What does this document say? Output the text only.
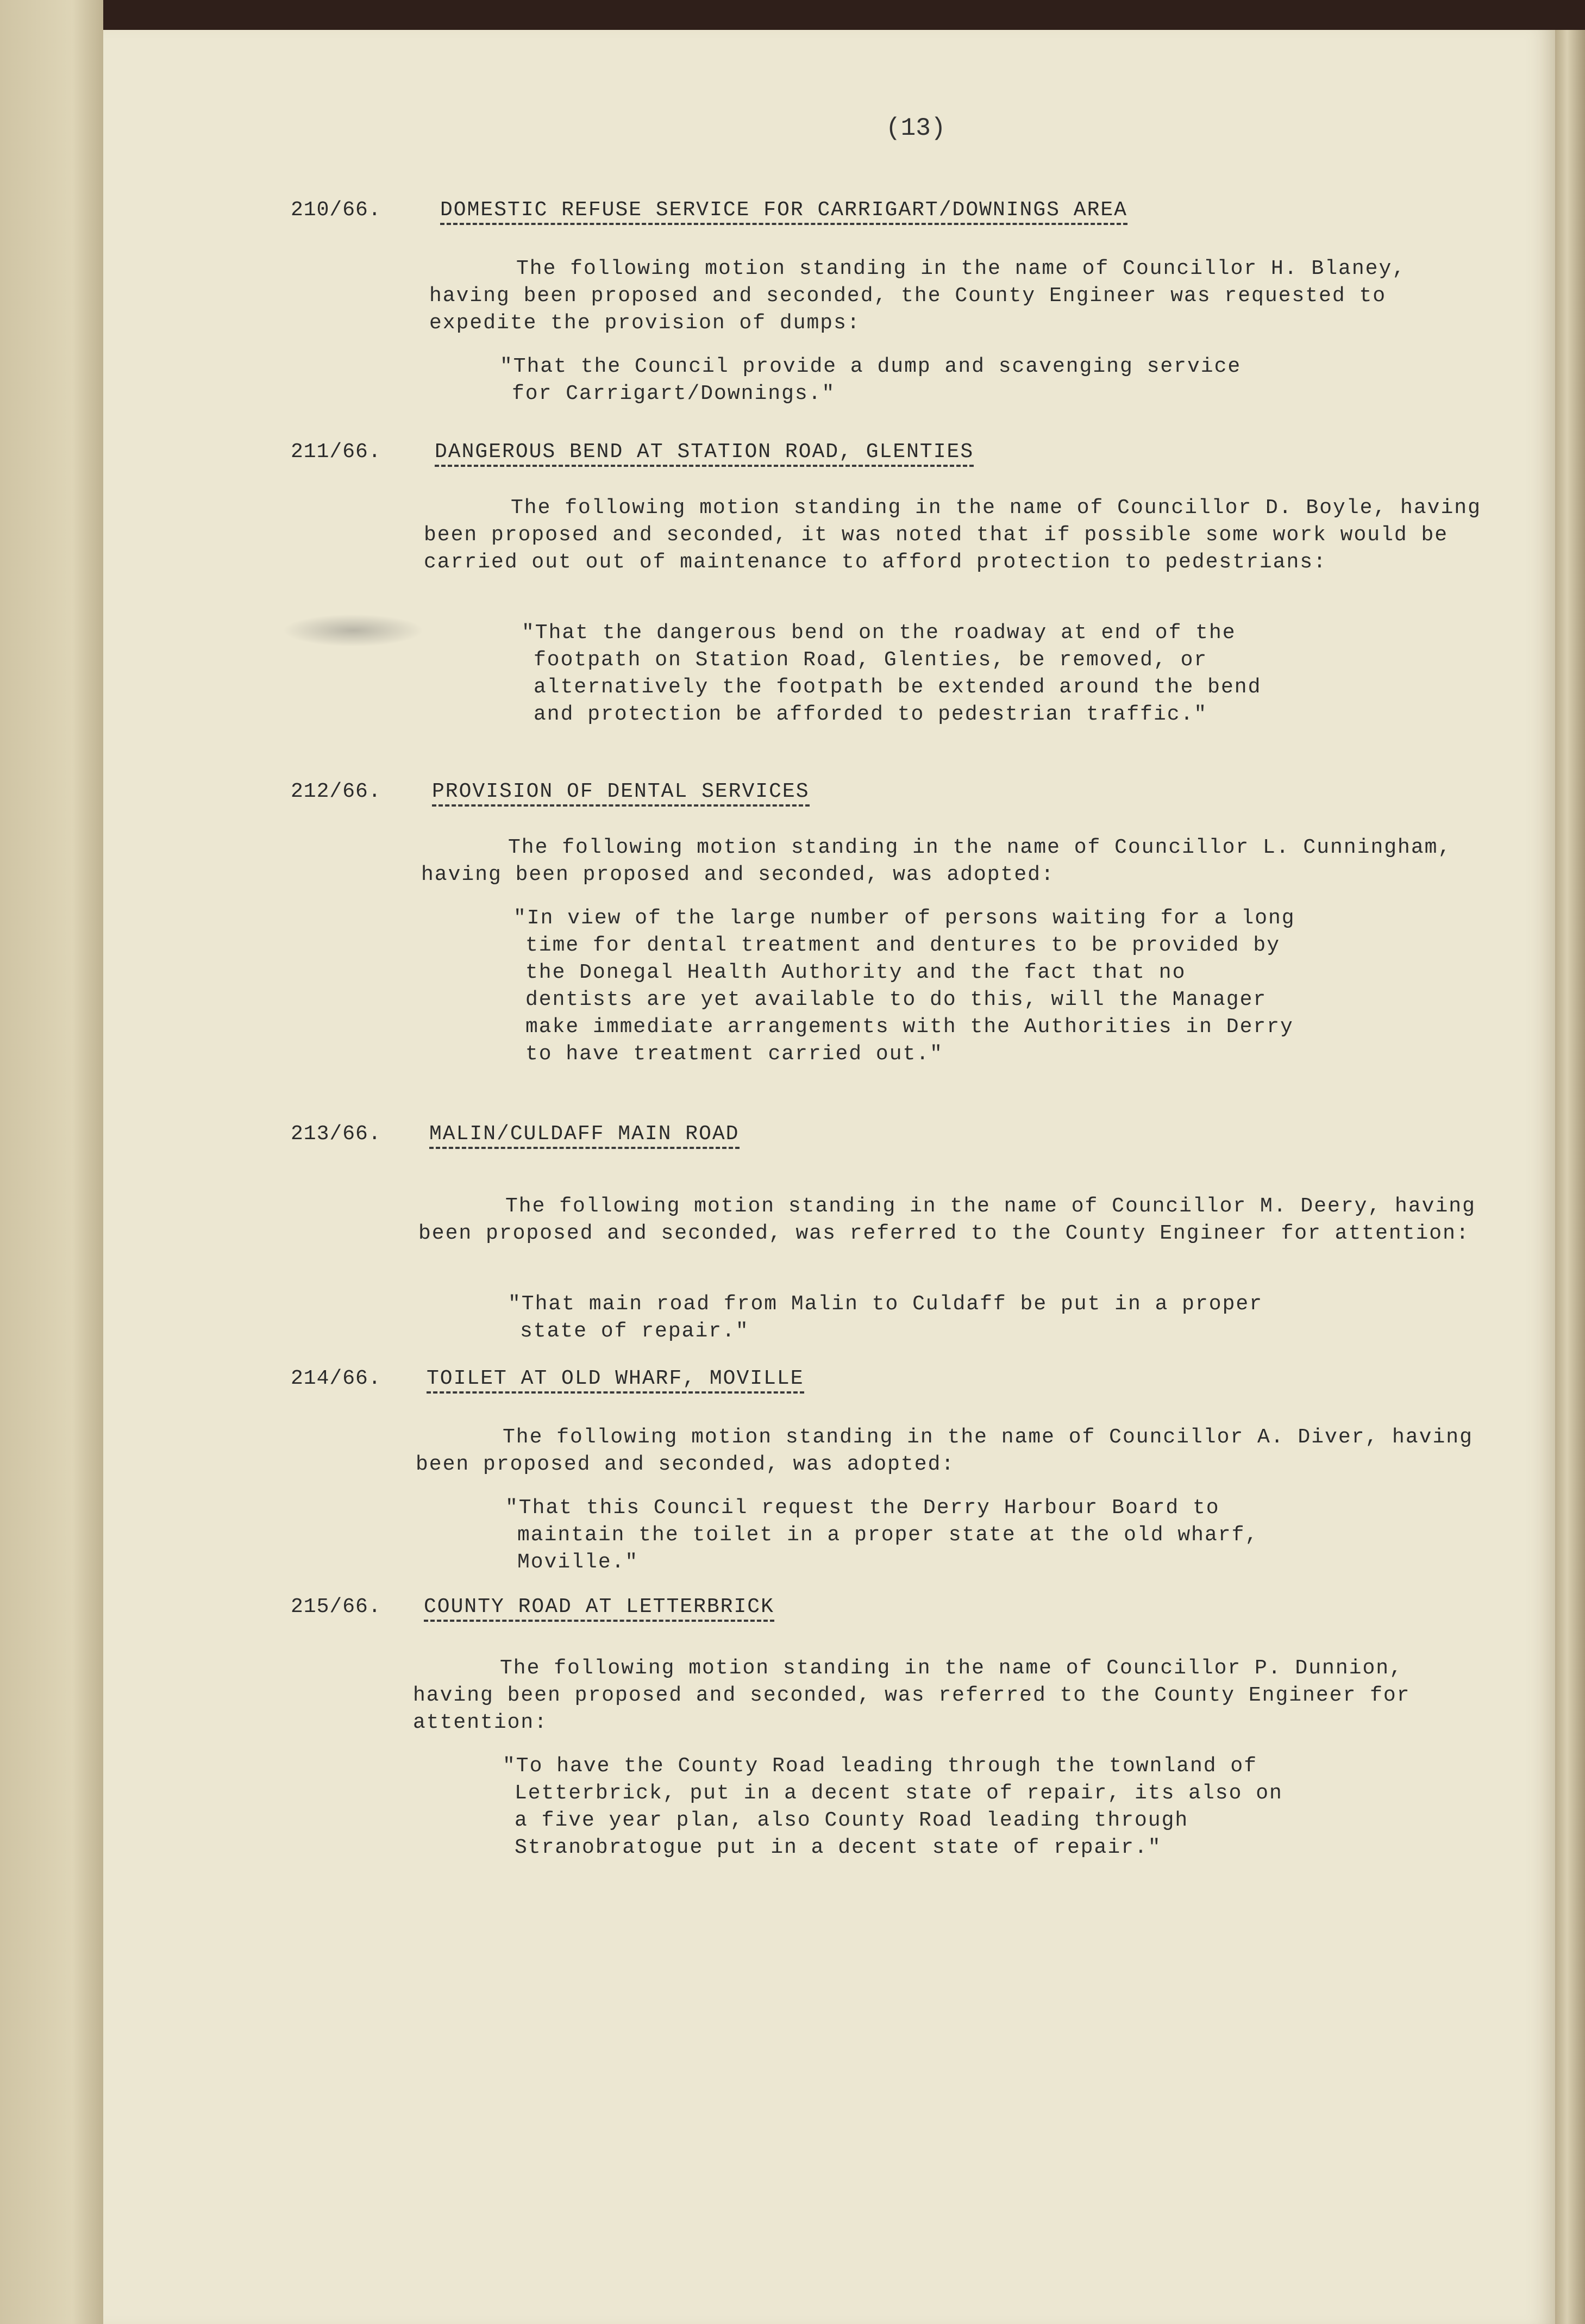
(13)
210/66.	DOMESTIC REFUSE SERVICE FOR CARRIGART/DOWNINGS AREA
The following motion standing in the name of Councillor H. Blaney, having been proposed and seconded, the County Engineer was requested to expedite the provision of dumps:
"That the Council provide a dump and scavenging service for Carrigart/Downings."
211/66.	DANGEROUS BEND AT STATION ROAD, GLENTIES
The following motion standing in the name of Councillor D. Boyle, having been proposed and seconded, it was noted that if possible some work would be carried out out of maintenance to afford protection to pedestrians:
"That the dangerous bend on the roadway at end of the footpath on Station Road, Glenties, be removed, or alternatively the footpath be extended around the bend and protection be afforded to pedestrian traffic."
212/66. PROVISION OF DENTAL SERVICES
The following motion standing in the name of Councillor L. Cunningham, having been proposed and seconded, was adopted:
"In view of the large number of persons waiting for a long time for dental treatment and dentures to be provided by the Donegal Health Authority and the fact that no dentists are yet available to do this, will the Manager make immediate arrangements with the Authorities in Derry to have treatment carried out."
213/66. MALIN/CULDAFF MAIN ROAD
The following motion standing in the name of Councillor M. Deery, having been proposed and seconded, was referred to the County Engineer for attention:
"That main road from Malin to Culdaff be put in a proper state of repair."
214/66. TOILET AT OLD WHARF, MOVILLE
The following motion standing in the name of Councillor A. Diver, having been proposed and seconded, was adopted:
"That this Council request the Derry Harbour Board to maintain the toilet in a proper state at the old wharf, Moville."
215/66. COUNTY ROAD AT LETTERBRICK
The following motion standing in the name of Councillor P. Dunnion, having been proposed and seconded, was referred to the County Engineer for attention:
"To have the County Road leading through the townland of Letterbrick, put in a decent state of repair, its also on a five year plan, also County Road leading through Stranobratogue put in a decent state of repair."
